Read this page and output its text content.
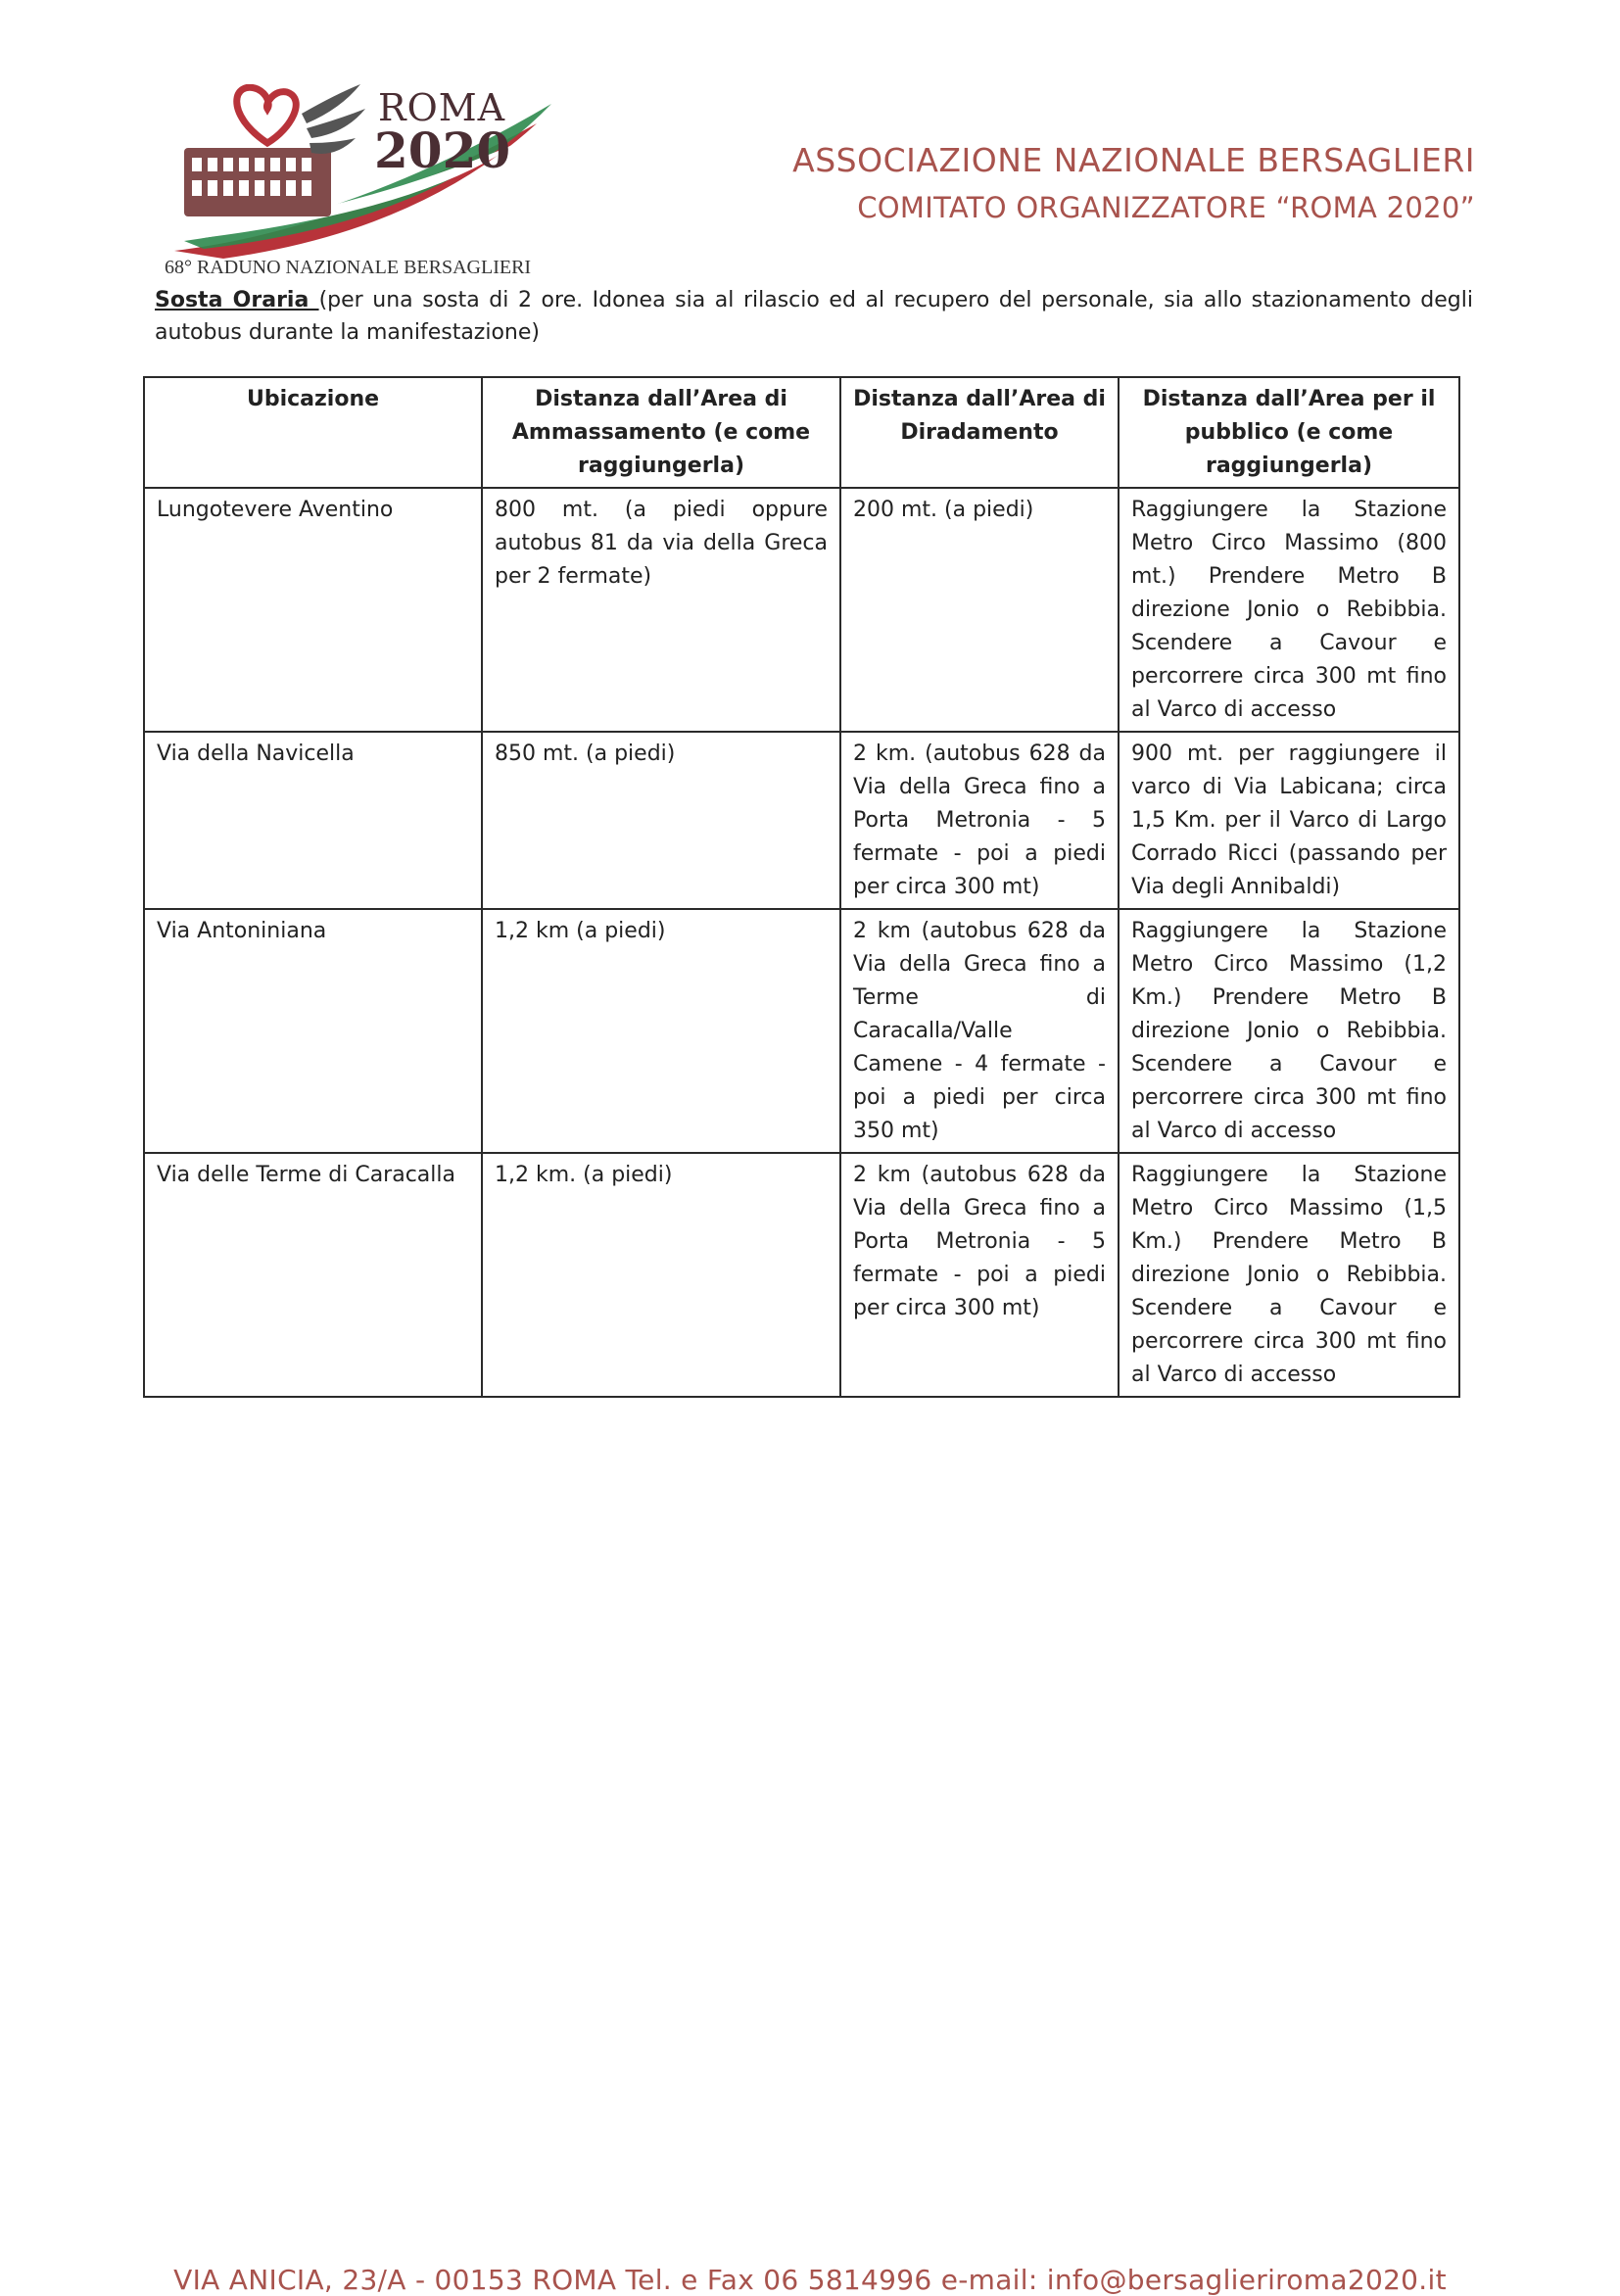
ROMA
2020
68° RADUNO NAZIONALE BERSAGLIERI
ASSOCIAZIONE NAZIONALE BERSAGLIERI
COMITATO ORGANIZZATORE “ROMA 2020”
Sosta Oraria (per una sosta di 2 ore. Idonea sia al rilascio ed al recupero del personale, sia allo stazionamento degli autobus durante la manifestazione)
Ubicazione	Distanza dall’Area di Ammassamento (e come raggiungerla)	Distanza dall’Area di Diradamento	Distanza dall’Area per il pubblico (e come raggiungerla)
Lungotevere Aventino	800 mt. (a piedi oppure autobus 81 da via della Greca per 2 fermate)	200 mt. (a piedi)	Raggiungere la Stazione Metro Circo Massimo (800 mt.) Prendere Metro B direzione Jonio o Rebibbia. Scendere a Cavour e percorrere circa 300 mt fino al Varco di accesso
Via della Navicella	850 mt. (a piedi)	2 km. (autobus 628 da Via della Greca fino a Porta Metronia - 5 fermate - poi a piedi per circa 300 mt)	900 mt. per raggiungere il varco di Via Labicana; circa 1,5 Km. per il Varco di Largo Corrado Ricci (passando per Via degli Annibaldi)
Via Antoniniana	1,2 km (a piedi)	2 km (autobus 628 da Via della Greca fino a Terme di Caracalla/Valle Camene - 4 fermate - poi a piedi per circa 350 mt)	Raggiungere la Stazione Metro Circo Massimo (1,2 Km.) Prendere Metro B direzione Jonio o Rebibbia. Scendere a Cavour e percorrere circa 300 mt fino al Varco di accesso
Via delle Terme di Caracalla	1,2 km. (a piedi)	2 km (autobus 628 da Via della Greca fino a Porta Metronia - 5 fermate - poi a piedi per circa 300 mt)	Raggiungere la Stazione Metro Circo Massimo (1,5 Km.) Prendere Metro B direzione Jonio o Rebibbia. Scendere a Cavour e percorrere circa 300 mt fino al Varco di accesso
VIA ANICIA, 23/A - 00153 ROMA Tel. e Fax 06 5814996 e-mail: info@bersaglieriroma2020.it
